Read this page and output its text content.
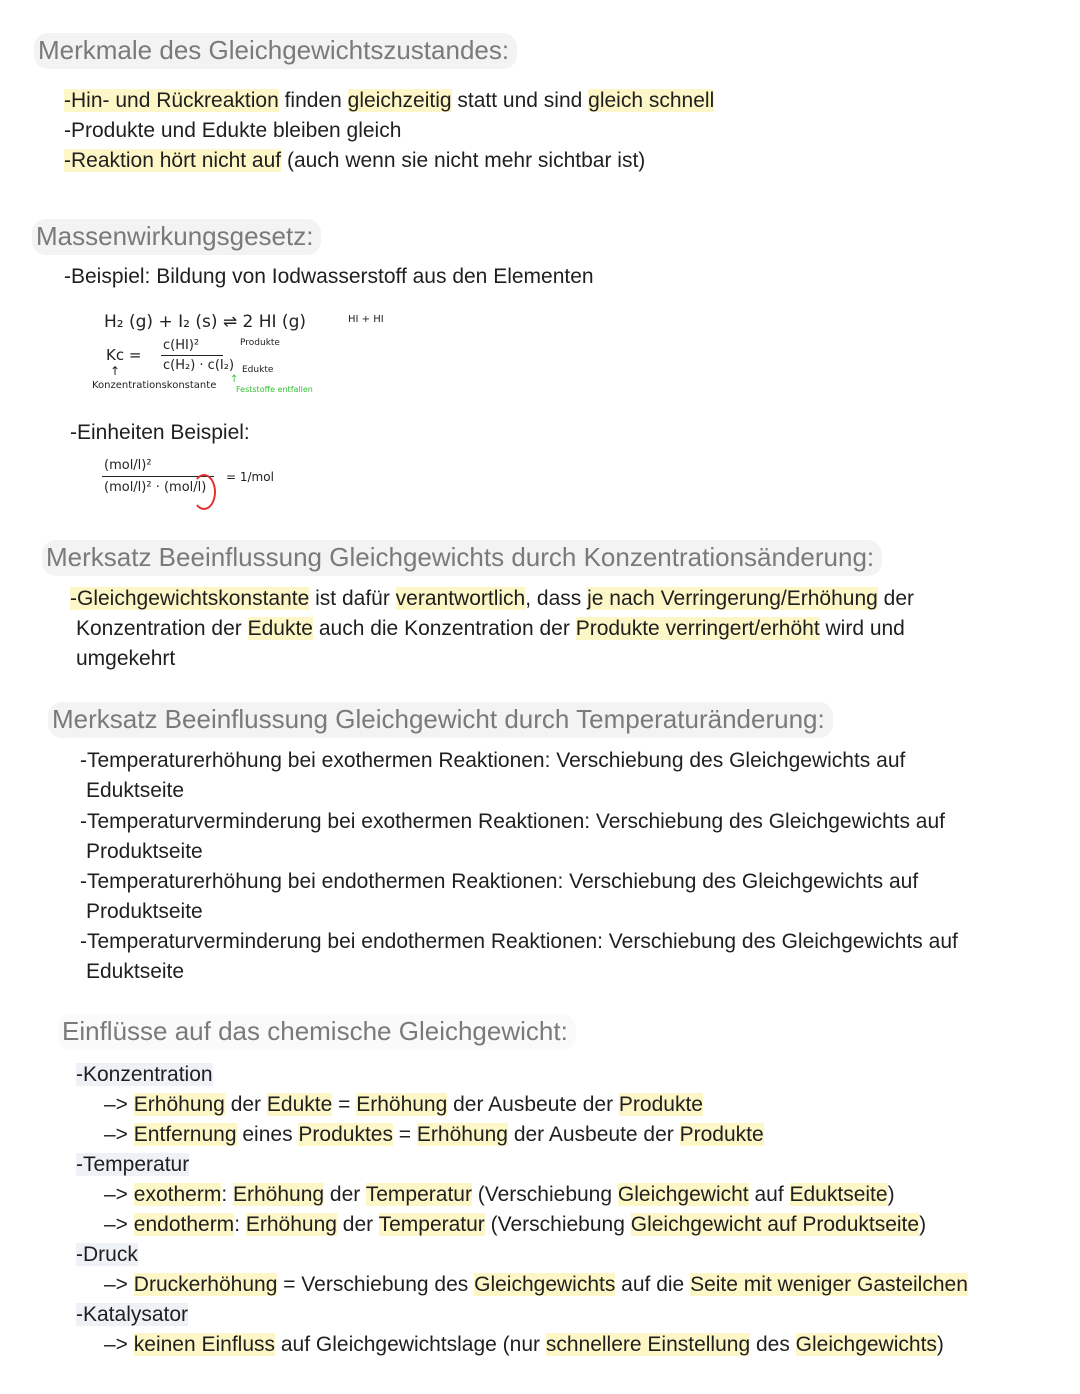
Merkmale des Gleichgewichtszustandes:
-Hin- und Rückreaktion finden gleichzeitig statt und sind gleich schnell
-Produkte und Edukte bleiben gleich
-Reaktion hört nicht auf (auch wenn sie nicht mehr sichtbar ist)
Massenwirkungsgesetz:
-Beispiel: Bildung von Iodwasserstoff aus den Elementen
H₂ (g) + I₂ (s) ⇌ 2 HI (g)	HI + HI
Kc =
c(HI)²
c(H₂) · c(I₂)
Produkte
Edukte
↑
Konzentrationskonstante
↑
Feststoffe entfallen
-Einheiten Beispiel:
(mol/l)²
(mol/l)² · (mol/l)
= 1/mol
Merksatz Beeinflussung Gleichgewichts durch Konzentrationsänderung:
-Gleichgewichtskonstante ist dafür verantwortlich, dass je nach Verringerung/Erhöhung der
Konzentration der Edukte auch die Konzentration der Produkte verringert/erhöht wird und
umgekehrt
Merksatz Beeinflussung Gleichgewicht durch Temperaturänderung:
-Temperaturerhöhung bei exothermen Reaktionen: Verschiebung des Gleichgewichts auf
Eduktseite
-Temperaturverminderung bei exothermen Reaktionen: Verschiebung des Gleichgewichts auf
Produktseite
-Temperaturerhöhung bei endothermen Reaktionen: Verschiebung des Gleichgewichts auf
Produktseite
-Temperaturverminderung bei endothermen Reaktionen: Verschiebung des Gleichgewichts auf
Eduktseite
Einflüsse auf das chemische Gleichgewicht:
-Konzentration
–> Erhöhung der Edukte = Erhöhung der Ausbeute der Produkte
–> Entfernung eines Produktes = Erhöhung der Ausbeute der Produkte
-Temperatur
–> exotherm: Erhöhung der Temperatur (Verschiebung Gleichgewicht auf Eduktseite)
–> endotherm: Erhöhung der Temperatur (Verschiebung Gleichgewicht auf Produktseite)
-Druck
–> Druckerhöhung = Verschiebung des Gleichgewichts auf die Seite mit weniger Gasteilchen
-Katalysator
–> keinen Einfluss auf Gleichgewichtslage (nur schnellere Einstellung des Gleichgewichts)
